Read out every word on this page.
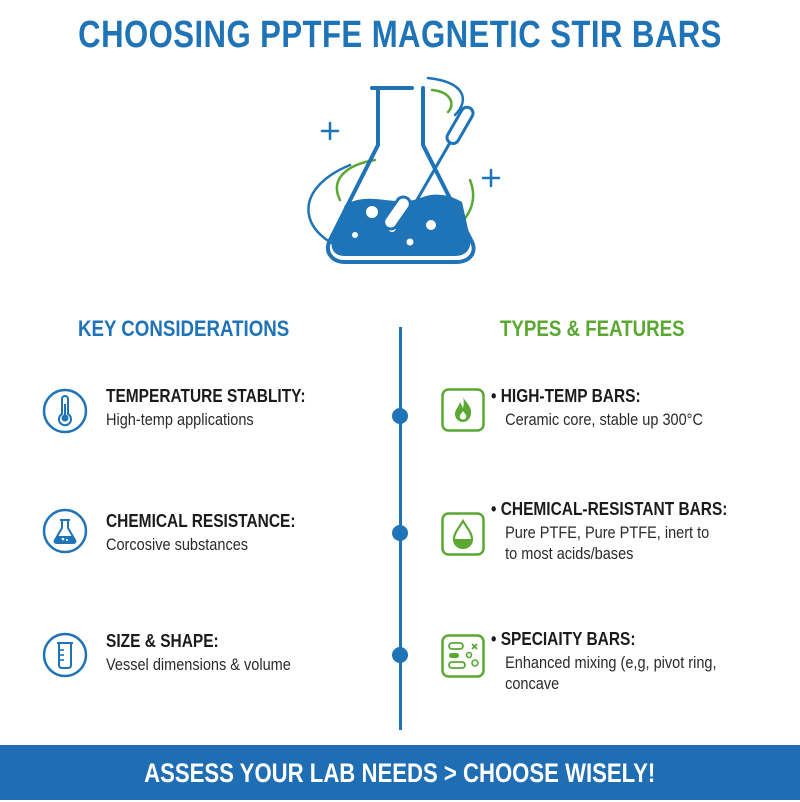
CHOOSING PPTFE MAGNETIC STIR BARS
KEY CONSIDERATIONS	TYPES & FEATURES
TEMPERATURE STABLITY:
High-temp applications
CHEMICAL RESISTANCE:
Corcosive substances
SIZE & SHAPE:
Vessel dimensions & volume
• HIGH-TEMP BARS:
Ceramic core, stable up 300°C
• CHEMICAL-RESISTANT BARS:
Pure PTFE, Pure PTFE, inert to
to most acids/bases
• SPECIAITY BARS:
Enhanced mixing (e,g, pivot ring,
concave
ASSESS YOUR LAB NEEDS > CHOOSE WISELY!
